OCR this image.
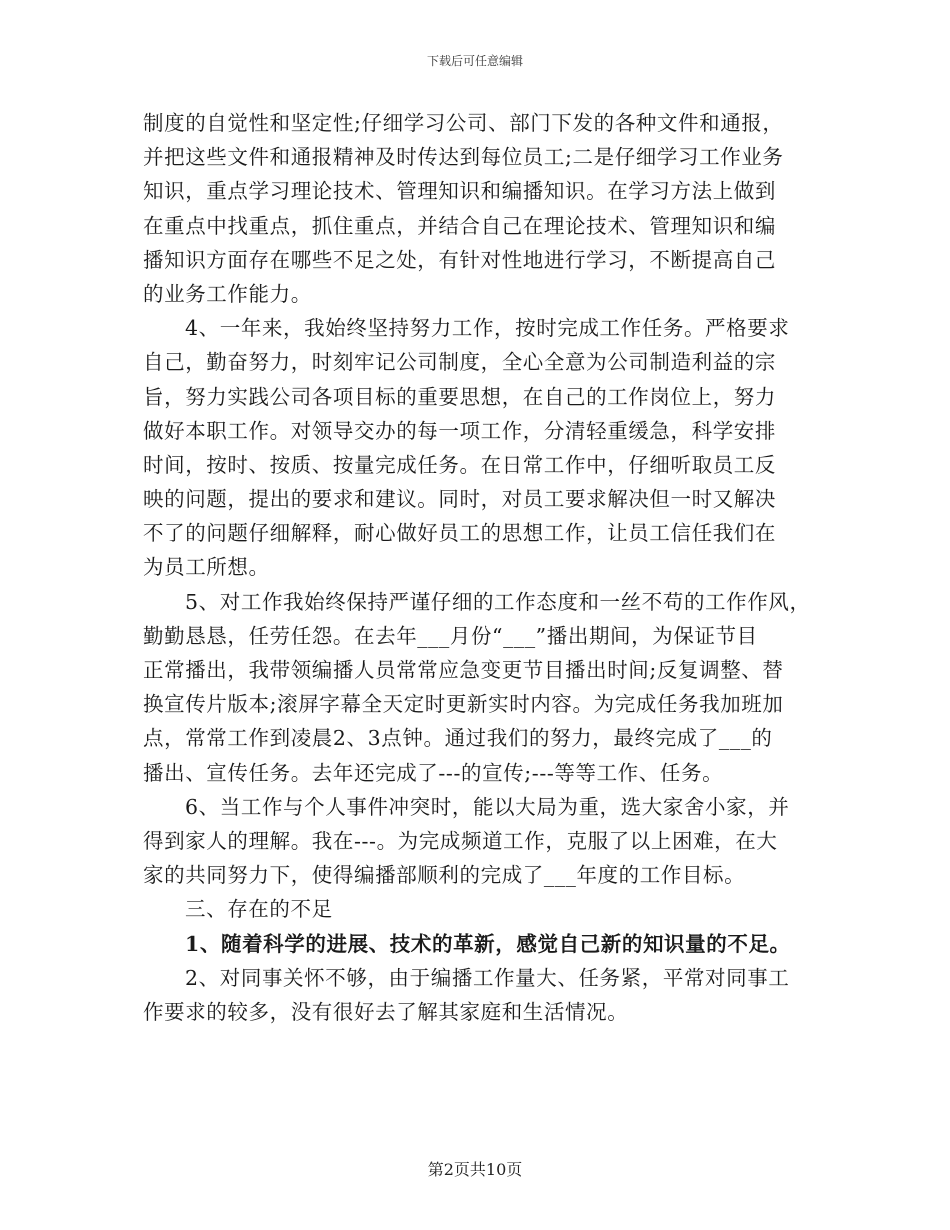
下载后可任意编辑
制度的自觉性和坚定性;仔细学习公司、部门下发的各种文件和通报，
并把这些文件和通报精神及时传达到每位员工;二是仔细学习工作业务
知识，重点学习理论技术、管理知识和编播知识。在学习方法上做到
在重点中找重点，抓住重点，并结合自己在理论技术、管理知识和编
播知识方面存在哪些不足之处，有针对性地进行学习，不断提高自己
的业务工作能力。
4、一年来，我始终坚持努力工作，按时完成工作任务。严格要求
自己，勤奋努力，时刻牢记公司制度，全心全意为公司制造利益的宗
旨，努力实践公司各项目标的重要思想，在自己的工作岗位上，努力
做好本职工作。对领导交办的每一项工作，分清轻重缓急，科学安排
时间，按时、按质、按量完成任务。在日常工作中，仔细听取员工反
映的问题，提出的要求和建议。同时，对员工要求解决但一时又解决
不了的问题仔细解释，耐心做好员工的思想工作，让员工信任我们在
为员工所想。
5、对工作我始终保持严谨仔细的工作态度和一丝不苟的工作作风，
勤勤恳恳，任劳任怨。在去年___月份“___”播出期间，为保证节目
正常播出，我带领编播人员常常应急变更节目播出时间;反复调整、替
换宣传片版本;滚屏字幕全天定时更新实时内容。为完成任务我加班加
点，常常工作到凌晨2、3点钟。通过我们的努力，最终完成了___的
播出、宣传任务。去年还完成了---的宣传;---等等工作、任务。
6、当工作与个人事件冲突时，能以大局为重，选大家舍小家，并
得到家人的理解。我在---。为完成频道工作，克服了以上困难，在大
家的共同努力下，使得编播部顺利的完成了___年度的工作目标。
三、存在的不足
1、随着科学的进展、技术的革新，感觉自己新的知识量的不足。
2、对同事关怀不够，由于编播工作量大、任务紧，平常对同事工
作要求的较多，没有很好去了解其家庭和生活情况。
第2页共10页
